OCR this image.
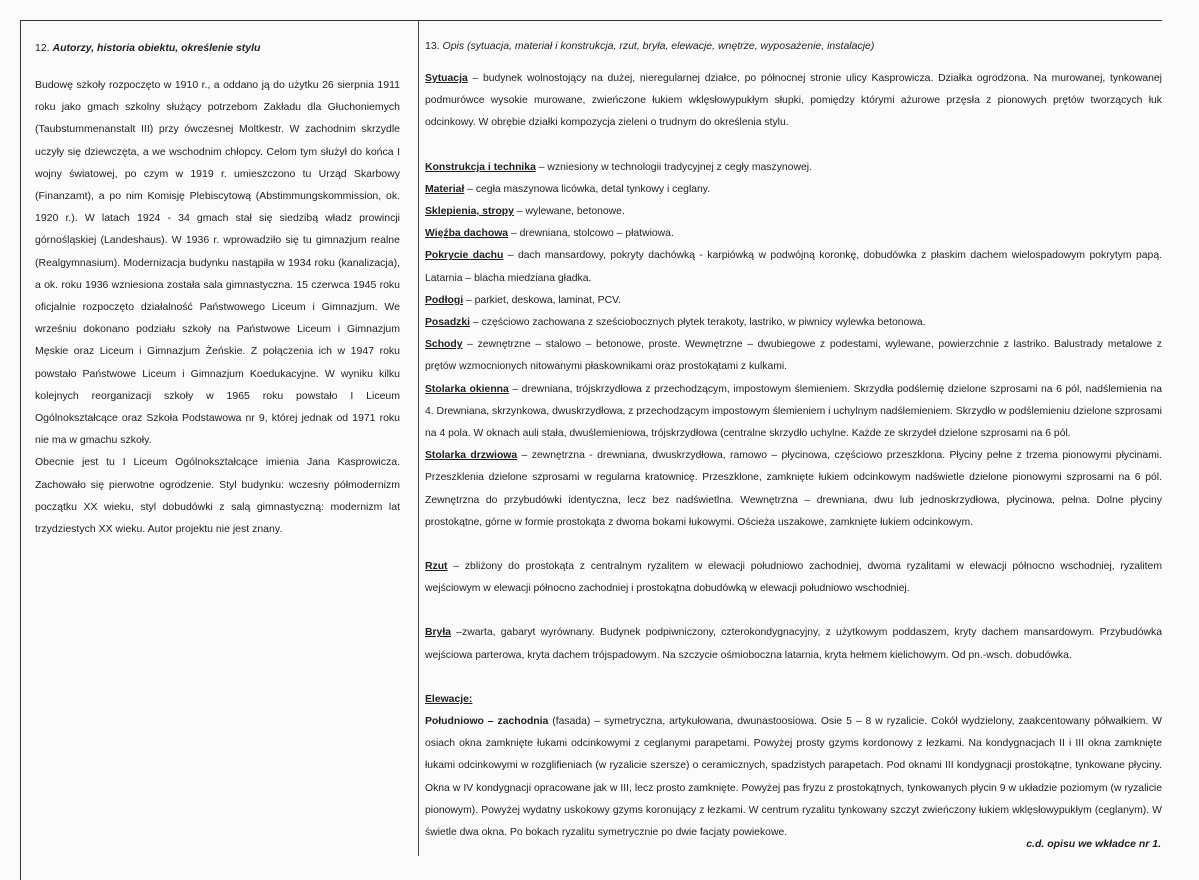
12. Autorzy, historia obiektu, określenie stylu

Budowę szkoły rozpoczęto w 1910 r., a oddano ją do użytku 26 sierpnia 1911 roku jako gmach szkolny służący potrzebom Zakładu dla Głuchoniemych (Taubstummenanstalt III) przy ówczesnej Moltkestr. W zachodnim skrzydle uczyły się dziewczęta, a we wschodnim chłopcy. Celom tym służył do końca I wojny światowej, po czym w 1919 r. umieszczono tu Urząd Skarbowy (Finanzamt), a po nim Komisję Plebiscytową (Abstimmungskommission, ok. 1920 r.). W latach 1924 - 34 gmach stał się siedzibą władz prowincji górnośląskiej (Landeshaus). W 1936 r. wprowadziło się tu gimnazjum realne (Realgymnasium). Modernizacja budynku nastąpiła w 1934 roku (kanalizacja), a ok. roku 1936 wzniesiona została sala gimnastyczna. 15 czerwca 1945 roku oficjalnie rozpoczęto działalność Państwowego Liceum i Gimnazjum. We wrześniu dokonano podziału szkoły na Państwowe Liceum i Gimnazjum Męskie oraz Liceum i Gimnazjum Żeńskie. Z połączenia ich w 1947 roku powstało Państwowe Liceum i Gimnazjum Koedukacyjne. W wyniku kilku kolejnych reorganizacji szkoły w 1965 roku powstało I Liceum Ogólnokształcące oraz Szkoła Podstawowa nr 9, której jednak od 1971 roku nie ma w gmachu szkoły.

Obecnie jest tu I Liceum Ogólnokształcące imienia Jana Kasprowicza. Zachowało się pierwotne ogrodzenie. Styl budynku: wczesny półmodernizm początku XX wieku, styl dobudówki z salą gimnastyczną: modernizm lat trzydziestych XX wieku. Autor projektu nie jest znany.

13. Opis (sytuacja, materiał i konstrukcja, rzut, bryła, elewacje, wnętrze, wyposażenie, instalacje)

Sytuacja – budynek wolnostojący na dużej, nieregularnej działce, po północnej stronie ulicy Kasprowicza. Działka ogrodzona. Na murowanej, tynkowanej podmurówce wysokie murowane, zwieńczone łukiem wklęsłowypukłym słupki, pomiędzy którymi ażurowe przęsła z pionowych prętów tworzących łuk odcinkowy. W obrębie działki kompozycja zieleni o trudnym do określenia stylu.

Konstrukcja i technika – wzniesiony w technologii tradycyjnej z cegły maszynowej.

Materiał – cegła maszynowa licówka, detal tynkowy i ceglany.

Sklepienia, stropy – wylewane, betonowe.

Więźba dachowa – drewniana, stolcowo – płatwiowa.

Pokrycie dachu – dach mansardowy, pokryty dachówką - karpiówką w podwójną koronkę, dobudówka z płaskim dachem wielospadowym pokrytym papą. Latarnia – blacha miedziana gładka.

Podłogi – parkiet, deskowa, laminat, PCV.

Posadzki – częściowo zachowana z sześciobocznych płytek terakoty, lastriko, w piwnicy wylewka betonowa.

Schody – zewnętrzne – stalowo – betonowe, proste. Wewnętrzne – dwubiegowe z podestami, wylewane, powierzchnie z lastriko. Balustrady metalowe z prętów wzmocnionych nitowanymi płaskownikami oraz prostokątami z kulkami.

Stolarka okienna – drewniana, trójskrzydłowa z przechodzącym, impostowym ślemieniem. Skrzydła podślemię dzielone szprosami na 6 pól, nadślemienia na 4. Drewniana, skrzynkowa, dwuskrzydłowa, z przechodzącym impostowym ślemieniem i uchylnym nadślemieniem. Skrzydło w podślemieniu dzielone szprosami na 4 pola. W oknach auli stała, dwuślemieniowa, trójskrzydłowa (centralne skrzydło uchylne. Każde ze skrzydeł dzielone szprosami na 6 pól.

Stolarka drzwiowa – zewnętrzna - drewniana, dwuskrzydłowa, ramowo – płycinowa, częściowo przeszklona. Płyciny pełne z trzema pionowymi płycinami. Przeszklenia dzielone szprosami w regularna kratownicę. Przeszklone, zamknięte łukiem odcinkowym nadświetle dzielone pionowymi szprosami na 6 pól. Zewnętrzna do przybudówki identyczna, lecz bez nadświetlna. Wewnętrzna – drewniana, dwu lub jednoskrzydłowa, płycinowa, pełna. Dolne płyciny prostokątne, górne w formie prostokąta z dwoma bokami łukowymi. Ościeża uszakowe, zamknięte łukiem odcinkowym.

Rzut – zbliżony do prostokąta z centralnym ryzalitem w elewacji południowo zachodniej, dwoma ryzalitami w elewacji północno wschodniej, ryzalitem wejściowym w elewacji północno zachodniej i prostokątna dobudówką w elewacji południowo wschodniej.

Bryła –zwarta, gabaryt wyrównany. Budynek podpiwniczony, czterokondygnacyjny, z użytkowym poddaszem, kryty dachem mansardowym. Przybudówka wejściowa parterowa, kryta dachem trójspadowym. Na szczycie ośmioboczna latarnia, kryta hełmem kielichowym. Od pn.-wsch. dobudówka.

Elewacje:

Południowo – zachodnia (fasada) – symetryczna, artykułowana, dwunastoosiowa. Osie 5 – 8 w ryzalicie. Cokół wydzielony, zaakcentowany półwałkiem. W osiach okna zamknięte łukami odcinkowymi z ceglanymi parapetami. Powyżej prosty gzyms kordonowy z łezkami. Na kondygnacjach II i III okna zamknięte łukami odcinkowymi w rozglifieniach (w ryzalicie szersze) o ceramicznych, spadzistych parapetach. Pod oknami III kondygnacji prostokątne, tynkowane płyciny. Okna w IV kondygnacji opracowane jak w III, lecz prosto zamknięte. Powyżej pas fryzu z prostokątnych, tynkowanych płycin 9 w układzie poziomym (w ryzalicie pionowym). Powyżej wydatny uskokowy gzyms koronujący z łezkami. W centrum ryzalitu tynkowany szczyt zwieńczony łukiem wklęsłowypukłym (ceglanym). W świetle dwa okna. Po bokach ryzalitu symetrycznie po dwie facjaty powiekowe.

c.d. opisu we wkładce nr 1.
